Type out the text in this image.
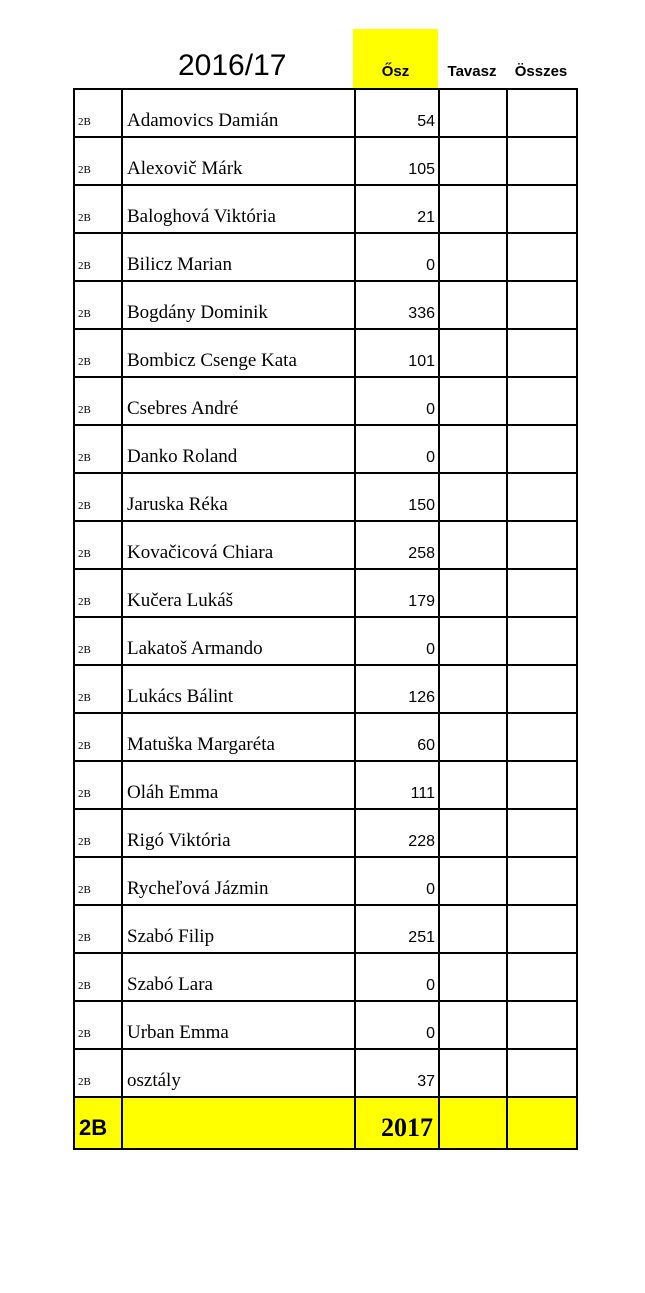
2016/17	Ősz	Tavasz	Összes
2B	Adamovics Damián	54		
2B	Alexovič Márk	105		
2B	Baloghová Viktória	21		
2B	Bilicz Marian	0		
2B	Bogdány Dominik	336		
2B	Bombicz Csenge Kata	101		
2B	Csebres André	0		
2B	Danko Roland	0		
2B	Jaruska Réka	150		
2B	Kovačicová Chiara	258		
2B	Kučera Lukáš	179		
2B	Lakatoš Armando	0		
2B	Lukács Bálint	126		
2B	Matuška Margaréta	60		
2B	Oláh Emma	111		
2B	Rigó Viktória	228		
2B	Rycheľová Jázmin	0		
2B	Szabó Filip	251		
2B	Szabó Lara	0		
2B	Urban Emma	0		
2B	osztály	37		
2B		2017		
